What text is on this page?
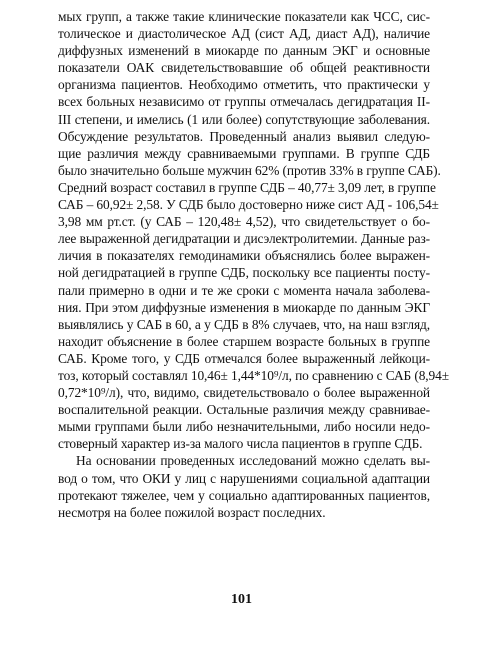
мых групп, а также такие клинические показатели как ЧСС, сис-

толическое и диастолическое АД (сист АД, диаст АД), наличие

диффузных изменений в миокарде по данным ЭКГ и основные

показатели ОАК свидетельствовавшие об общей реактивности

организма пациентов. Необходимо отметить, что практически у

всех больных независимо от группы отмечалась дегидратация II-

III степени, и имелись (1 или более) сопутствующие заболевания.

Обсуждение результатов. Проведенный анализ выявил следую-

щие различия между сравниваемыми группами. В группе СДБ

было значительно больше мужчин 62% (против 33% в группе САБ).

Средний возраст составил в группе СДБ – 40,77± 3,09 лет, в группе

САБ – 60,92± 2,58. У СДБ было достоверно ниже сист АД - 106,54±

3,98 мм рт.ст. (у САБ – 120,48± 4,52), что свидетельствует о бо-

лее выраженной дегидратации и дисэлектролитемии. Данные раз-

личия в показателях гемодинамики объяснялись более выражен-

ной дегидратацией в группе СДБ, поскольку все пациенты посту-

пали примерно в одни и те же сроки с момента начала заболева-

ния. При этом диффузные изменения в миокарде по данным ЭКГ

выявлялись у САБ в 60, а у СДБ в 8% случаев, что, на наш взгляд,

находит объяснение в более старшем возрасте больных в группе

САБ. Кроме того, у СДБ отмечался более выраженный лейкоци-

тоз, который составлял 10,46± 1,44*10⁹/л, по сравнению с САБ (8,94±

0,72*10⁹/л), что, видимо, свидетельствовало о более выраженной

воспалительной реакции. Остальные различия между сравнивае-

мыми группами были либо незначительными, либо носили недо-

стоверный характер из-за малого числа пациентов в группе СДБ.

На основании проведенных исследований можно сделать вы-

вод о том, что ОКИ у лиц с нарушениями социальной адаптации

протекают тяжелее, чем у социально адаптированных пациентов,

несмотря на более пожилой возраст последних.

101
